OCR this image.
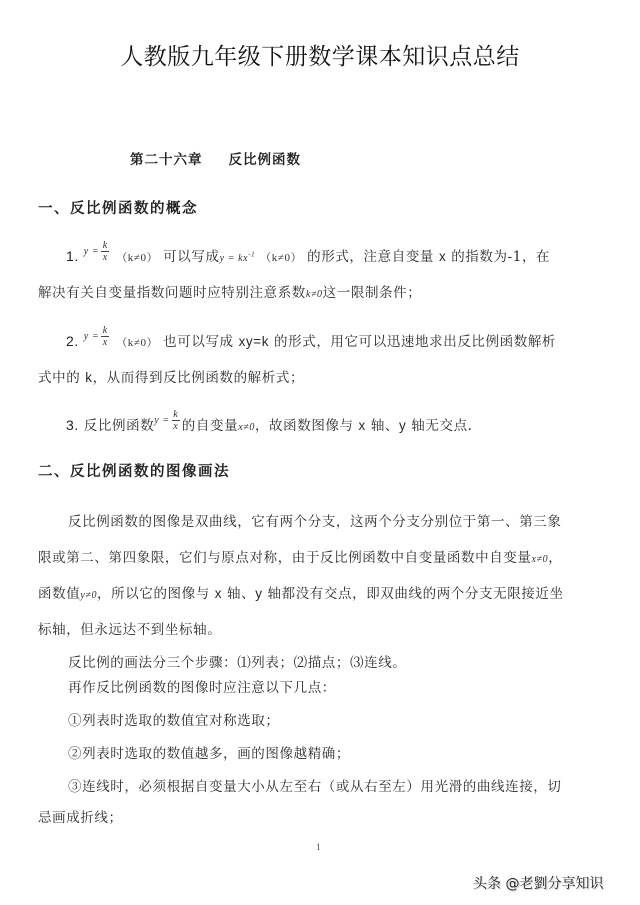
人教版九年级下册数学课本知识点总结
第二十六章 反比例函数
一、反比例函数的概念
1. $^{y =} \frac{k}{x} (k\ne 0)$ 可以写成$y = kx^{-1}$ （k≠0） 的形式，注意自变量 x 的指数为-1，在
解决有关自变量指数问题时应特别注意系数k≠0这一限制条件；
2. $^{y =} \frac{k}{x} (k\ne 0)$ 也可以写成 xy=k 的形式，用它可以迅速地求出反比例函数解析
式中的 k，从而得到反比例函数的解析式；
3. 反比例函数$^{y =} \frac{k}{x}$ 的自变量x≠0，故函数图像与 x 轴、y 轴无交点.
二、反比例函数的图像画法
反比例函数的图像是双曲线，它有两个分支，这两个分支分别位于第一、第三象
限或第二、第四象限，它们与原点对称，由于反比例函数中自变量函数中自变量x≠0，
函数值y≠0，所以它的图像与 x 轴、y 轴都没有交点，即双曲线的两个分支无限接近坐
标轴，但永远达不到坐标轴。
反比例的画法分三个步骤：⑴列表；⑵描点；⑶连线。
再作反比例函数的图像时应注意以下几点：
①列表时选取的数值宜对称选取；
②列表时选取的数值越多，画的图像越精确；
③连线时，必须根据自变量大小从左至右（或从右至左）用光滑的曲线连接，切
忌画成折线；
1
头条 @老劉分享知识
